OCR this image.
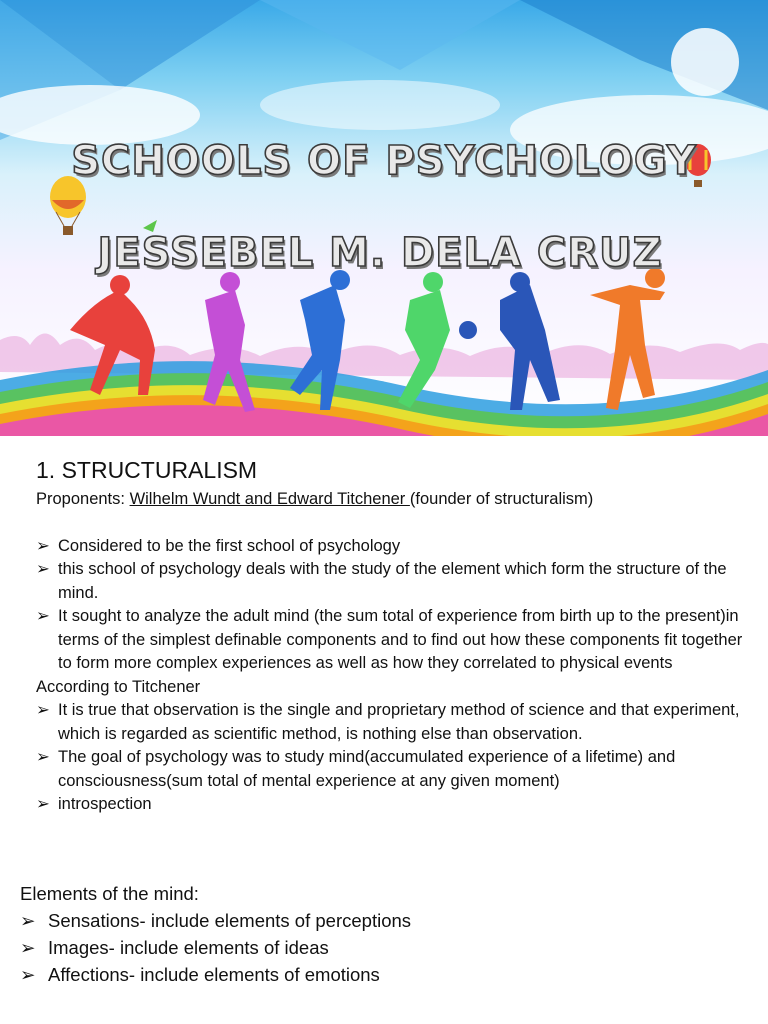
SCHOOLS OF PSYCHOLOGY
JESSEBEL M. DELA CRUZ
1. STRUCTURALISM

Proponents: Wilhelm Wundt and Edward Titchener (founder of structuralism)

➢ Considered to be the first school of psychology
➢ this school of psychology deals with the study of the element which form the structure of the mind.
➢ It sought to analyze the adult mind (the sum total of experience from birth up to the present)in terms of the simplest definable components and to find out how these components fit together to form more complex experiences as well as how they correlated to physical events

According to Titchener

➢ It is true that observation is the single and proprietary method of science and that experiment, which is regarded as scientific method, is nothing else than observation.
➢ The goal of psychology was to study mind(accumulated experience of a lifetime) and consciousness(sum total of mental experience at any given moment)
➢ introspection

Elements of the mind:

➢ Sensations- include elements of perceptions
➢ Images- include elements of ideas
➢ Affections- include elements of emotions
